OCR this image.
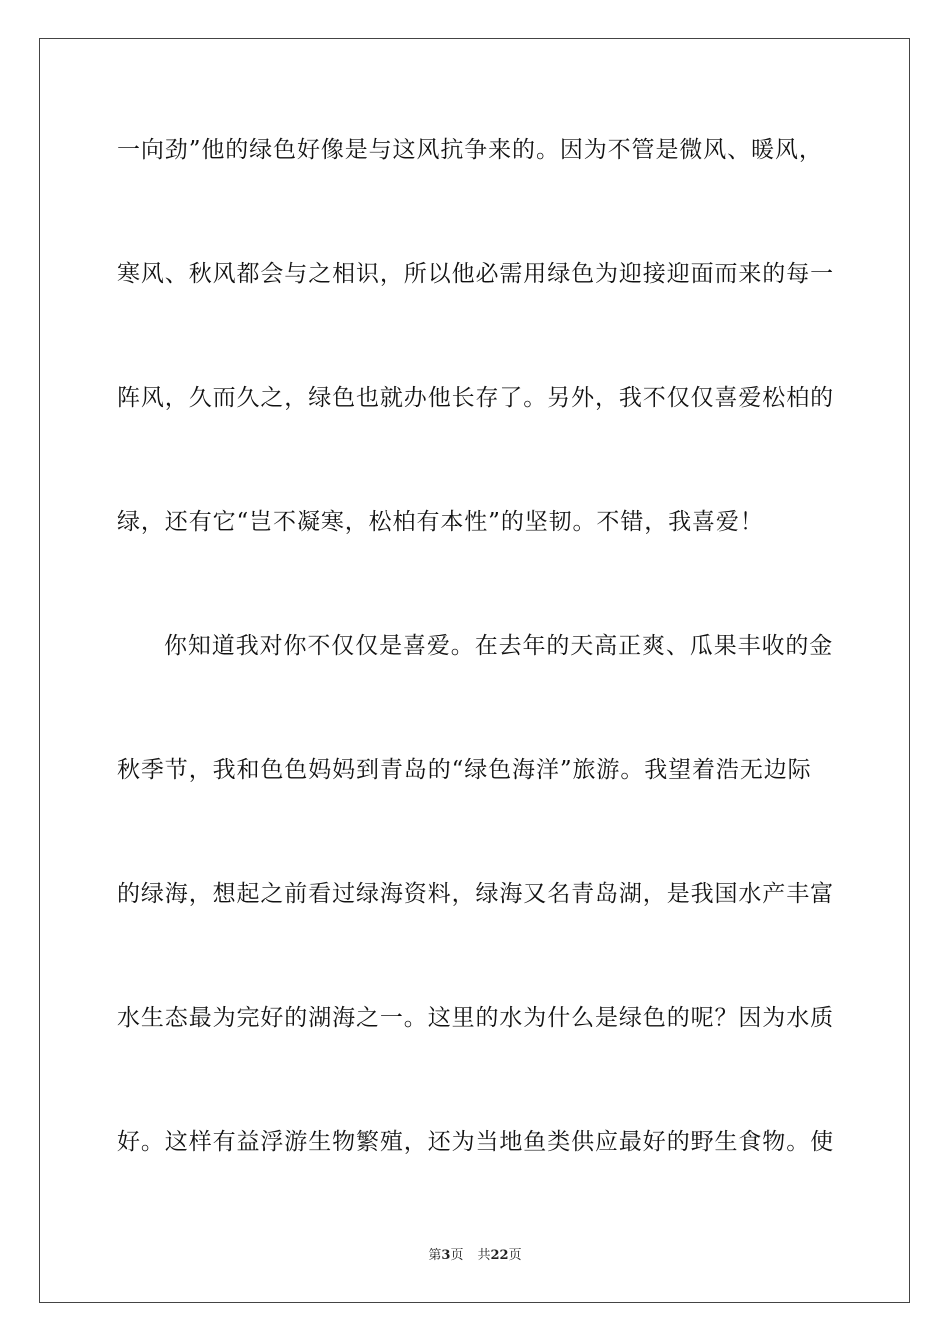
一向劲”他的绿色好像是与这风抗争来的。因为不管是微风、暖风，
寒风、秋风都会与之相识，所以他必需用绿色为迎接迎面而来的每一
阵风，久而久之，绿色也就办他长存了。另外，我不仅仅喜爱松柏的
绿，还有它“岂不凝寒，松柏有本性”的坚韧。不错，我喜爱！
你知道我对你不仅仅是喜爱。在去年的天高正爽、瓜果丰收的金
秋季节，我和色色妈妈到青岛的“绿色海洋”旅游。我望着浩无边际
的绿海，想起之前看过绿海资料，绿海又名青岛湖，是我国水产丰富
水生态最为完好的湖海之一。这里的水为什么是绿色的呢？因为水质
好。这样有益浮游生物繁殖，还为当地鱼类供应最好的野生食物。使
第3页 共22页
